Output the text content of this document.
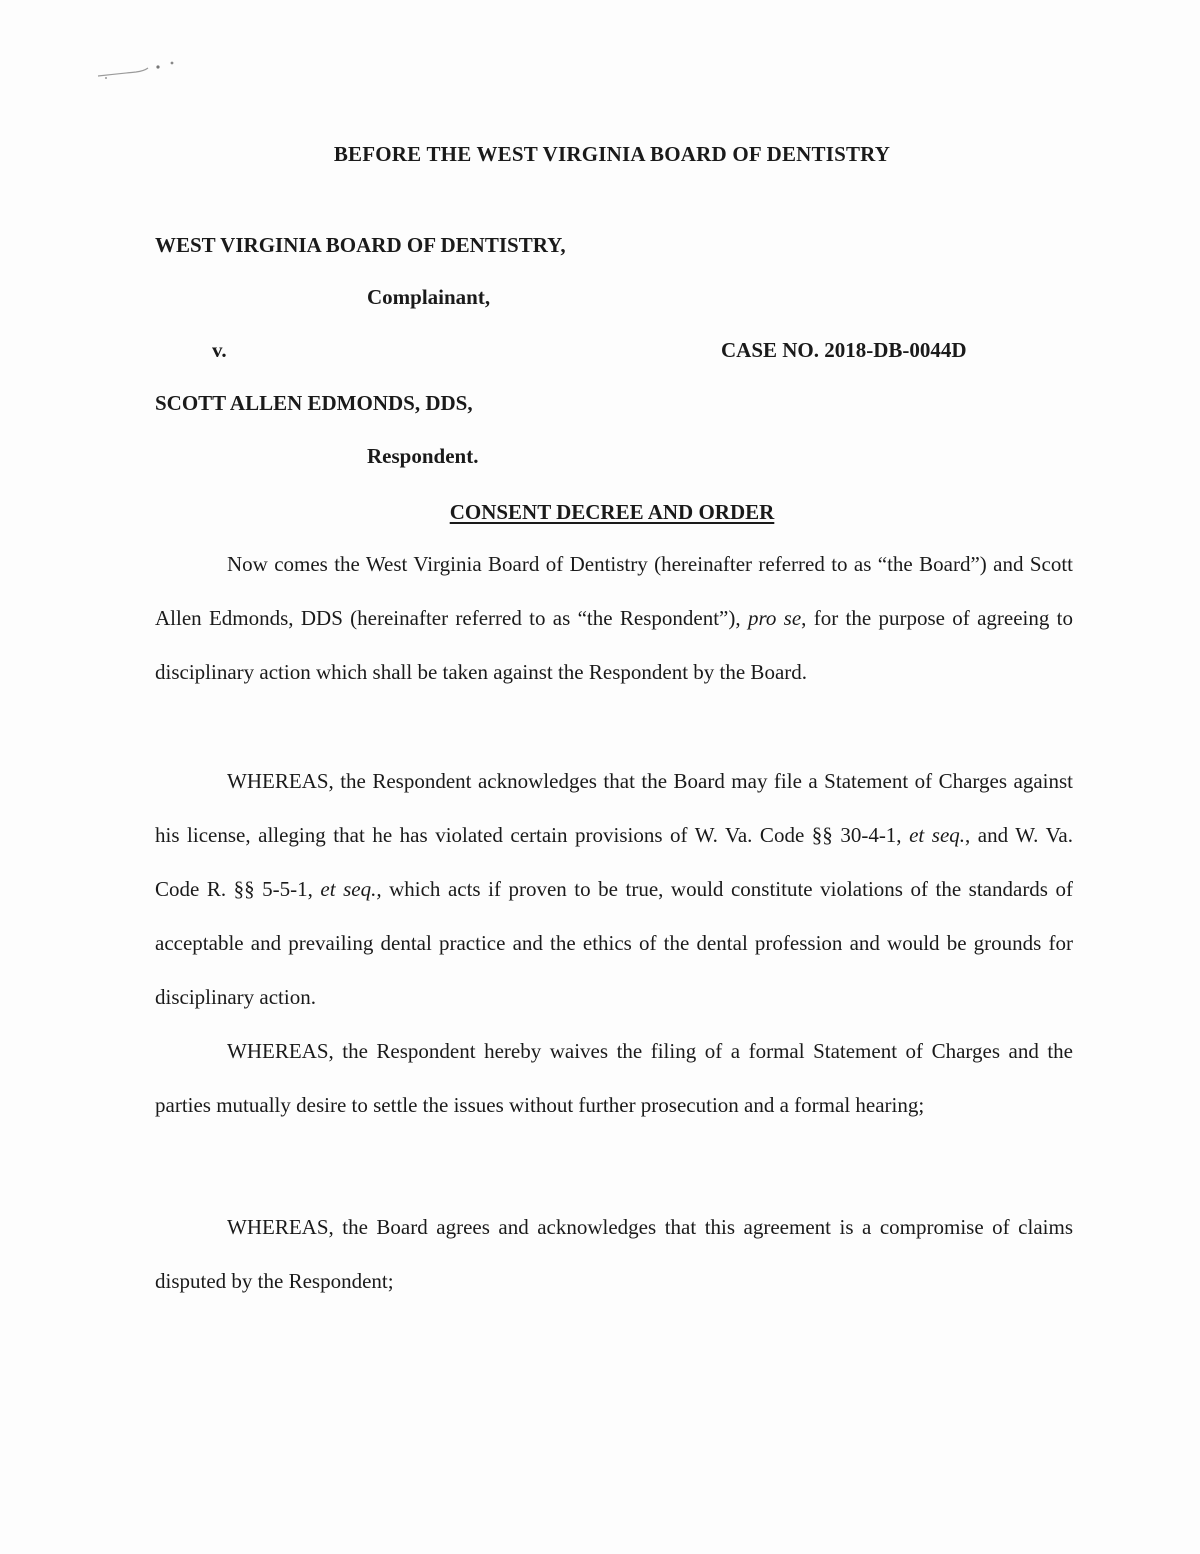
BEFORE THE WEST VIRGINIA BOARD OF DENTISTRY
WEST VIRGINIA BOARD OF DENTISTRY,
Complainant,
v.	CASE NO. 2018-DB-0044D
SCOTT ALLEN EDMONDS, DDS,
Respondent.
CONSENT DECREE AND ORDER

Now comes the West Virginia Board of Dentistry (hereinafter referred to as “the Board”) and Scott Allen Edmonds, DDS (hereinafter referred to as “the Respondent”), pro se, for the purpose of agreeing to disciplinary action which shall be taken against the Respondent by the Board.

WHEREAS, the Respondent acknowledges that the Board may file a Statement of Charges against his license, alleging that he has violated certain provisions of W. Va. Code §§ 30-4-1, et seq., and W. Va. Code R. §§ 5-5-1, et seq., which acts if proven to be true, would constitute violations of the standards of acceptable and prevailing dental practice and the ethics of the dental profession and would be grounds for disciplinary action.

WHEREAS, the Respondent hereby waives the filing of a formal Statement of Charges and the parties mutually desire to settle the issues without further prosecution and a formal hearing;

WHEREAS, the Board agrees and acknowledges that this agreement is a compromise of claims disputed by the Respondent;
